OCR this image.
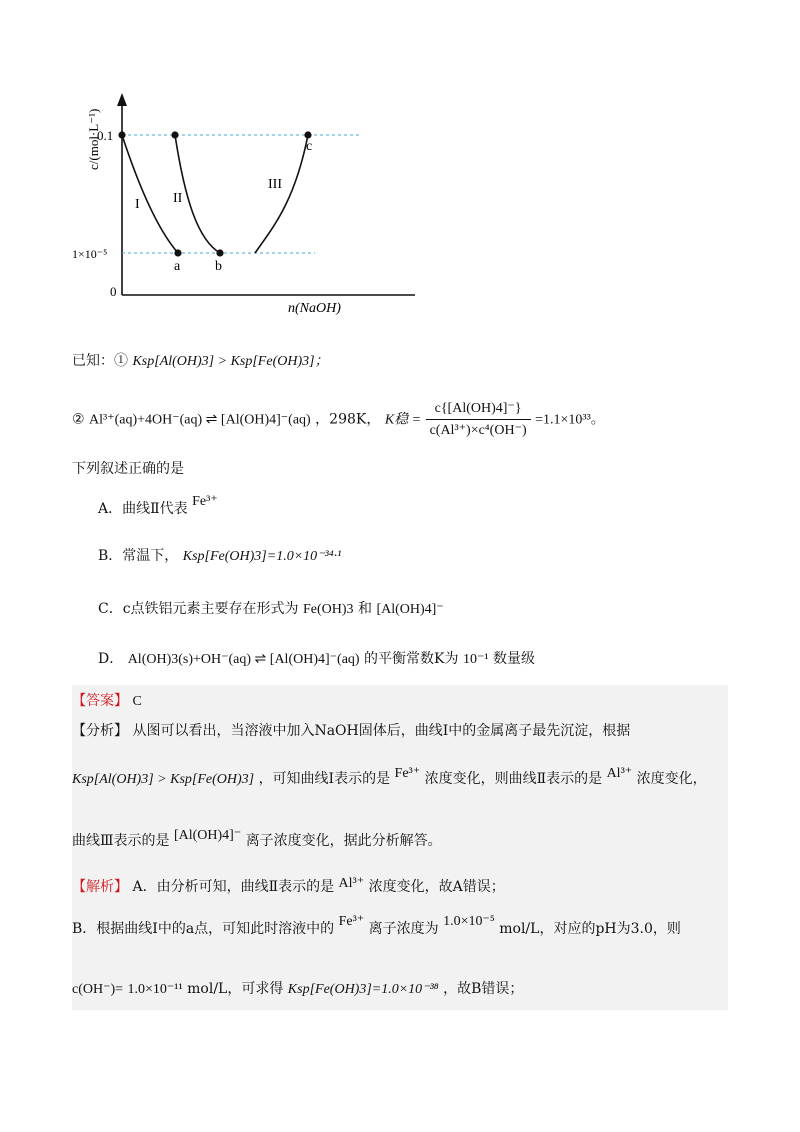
I II
III
a b
c
0.1
1×10⁻⁵
0
n(NaOH)
c/(mol·L⁻¹)
已知：① Ksp[Al(OH)3] > Ksp[Fe(OH)3]；
② Al³⁺(aq)+4OH⁻(aq) ⇌ [Al(OH)4]⁻(aq) ，298K， K稳 = $\frac{c\{[Al(OH)4]^-\}}{\text{c(Al³⁺)×c⁴(OH⁻)}} =1.1\times 10^{33}$。
下列叙述正确的是
A．曲线Ⅱ代表 Fe³⁺
B．常温下， Ksp[Fe(OH)3]=1.0×10⁻³⁴·¹
C．c点铁铝元素主要存在形式为 Fe(OH)3 和 [Al(OH)4]⁻
D． Al(OH)3(s)+OH⁻(aq) ⇌ [Al(OH)4]⁻(aq) 的平衡常数K为 10⁻¹ 数量级
【答案】 C
【分析】 从图可以看出，当溶液中加入NaOH固体后，曲线Ⅰ中的金属离子最先沉淀，根据
Ksp[Al(OH)3] > Ksp[Fe(OH)3] ，可知曲线Ⅰ表示的是 Fe³⁺ 浓度变化，则曲线Ⅱ表示的是 Al³⁺ 浓度变化，
曲线Ⅲ表示的是 [Al(OH)4]⁻ 离子浓度变化，据此分析解答。
【解析】 A．由分析可知，曲线Ⅱ表示的是 Al³⁺ 浓度变化，故A错误；
B．根据曲线Ⅰ中的a点，可知此时溶液中的 Fe³⁺ 离子浓度为 1.0×10⁻⁵ mol/L，对应的pH为3.0，则
c(OH⁻)= 1.0×10⁻¹¹ mol/L，可求得 Ksp[Fe(OH)3]=1.0×10⁻³⁸ ，故B错误；
